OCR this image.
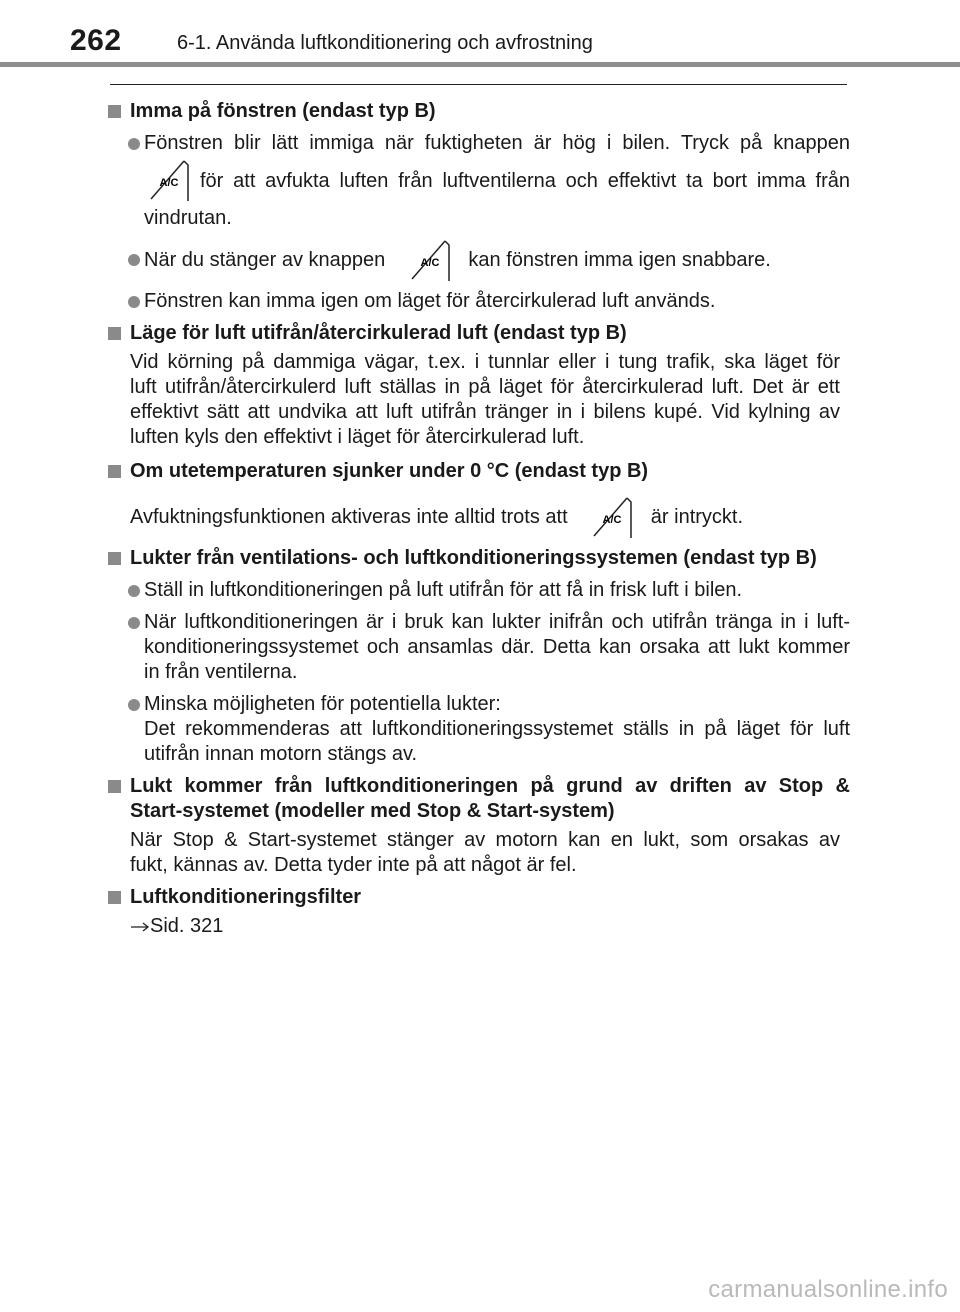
262	6-1. Använda luftkonditionering och avfrostning
Imma på fönstren (endast typ B)
Fönstren blir lätt immiga när fuktigheten är hög i bilen. Tryck på knappen
A/C för att avfukta luften från luftventilerna och effektivt ta bort imma från
vindrutan.
När du stänger av knappen	A/C kan fönstren imma igen snabbare.
Fönstren kan imma igen om läget för återcirkulerad luft används.
Läge för luft utifrån/återcirkulerad luft (endast typ B)
Vid körning på dammiga vägar, t.ex. i tunnlar eller i tung trafik, ska läget för
luft utifrån/återcirkulerd luft ställas in på läget för återcirkulerad luft. Det är ett
effektivt sätt att undvika att luft utifrån tränger in i bilens kupé. Vid kylning av
luften kyls den effektivt i läget för återcirkulerad luft.
Om utetemperaturen sjunker under 0 °C (endast typ B)
Avfuktningsfunktionen aktiveras inte alltid trots att	A/C är intryckt.
Lukter från ventilations- och luftkonditioneringssystemen (endast typ B)
Ställ in luftkonditioneringen på luft utifrån för att få in frisk luft i bilen.
När luftkonditioneringen är i bruk kan lukter inifrån och utifrån tränga in i luft-
konditioneringssystemet och ansamlas där. Detta kan orsaka att lukt kommer
in från ventilerna.
Minska möjligheten för potentiella lukter:
Det rekommenderas att luftkonditioneringssystemet ställs in på läget för luft
utifrån innan motorn stängs av.
Lukt kommer från luftkonditioneringen på grund av driften av Stop &
Start-systemet (modeller med Stop & Start-system)
När Stop & Start-systemet stänger av motorn kan en lukt, som orsakas av
fukt, kännas av. Detta tyder inte på att något är fel.
Luftkonditioneringsfilter
Sid. 321
carmanualsonline.info
